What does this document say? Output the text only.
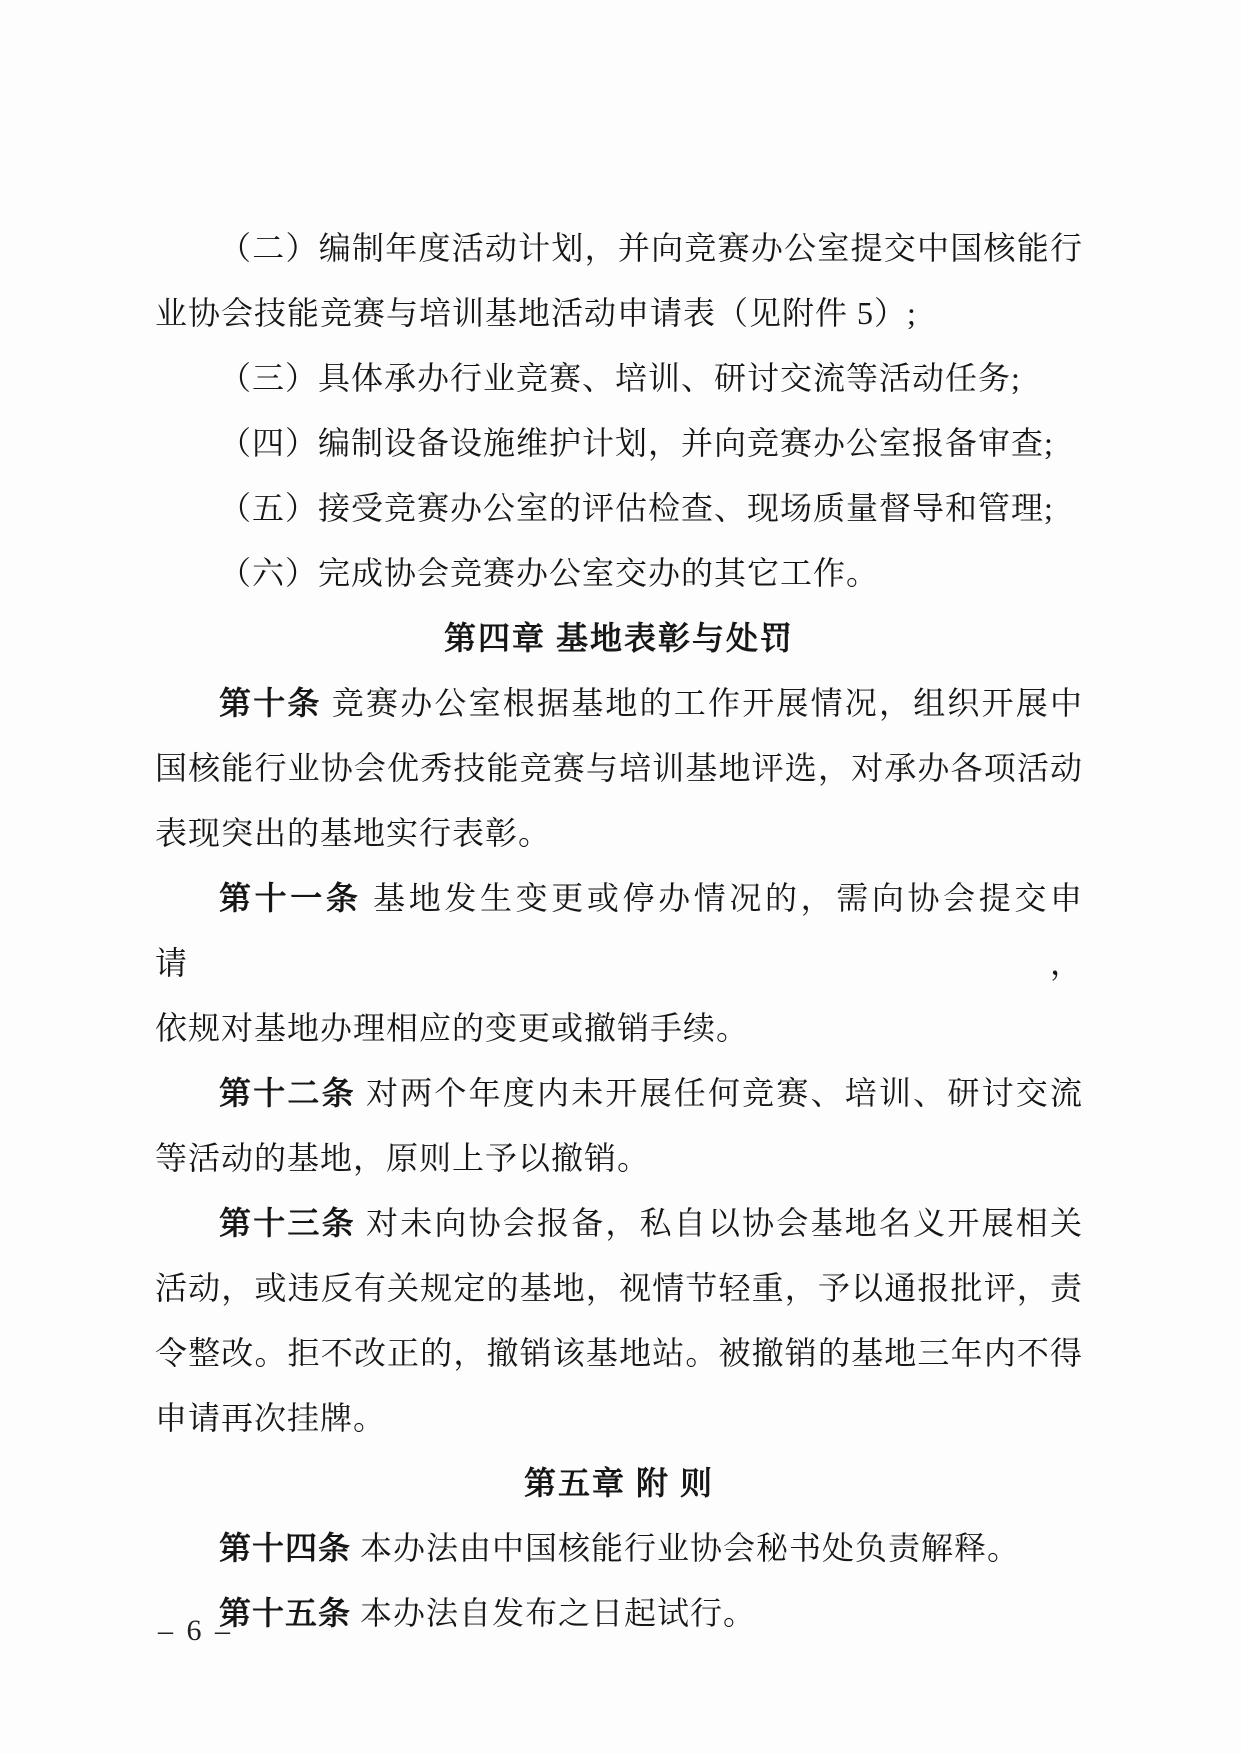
（二）编制年度活动计划，并向竞赛办公室提交中国核能行
业协会技能竞赛与培训基地活动申请表（见附件 5）;
（三）具体承办行业竞赛、培训、研讨交流等活动任务;
（四）编制设备设施维护计划，并向竞赛办公室报备审查;
（五）接受竞赛办公室的评估检查、现场质量督导和管理;
（六）完成协会竞赛办公室交办的其它工作。
第四章 基地表彰与处罚
第十条 竞赛办公室根据基地的工作开展情况，组织开展中
国核能行业协会优秀技能竞赛与培训基地评选，对承办各项活动
表现突出的基地实行表彰。
第十一条 基地发生变更或停办情况的，需向协会提交申请，
依规对基地办理相应的变更或撤销手续。
第十二条 对两个年度内未开展任何竞赛、培训、研讨交流
等活动的基地，原则上予以撤销。
第十三条 对未向协会报备，私自以协会基地名义开展相关
活动，或违反有关规定的基地，视情节轻重，予以通报批评，责
令整改。拒不改正的，撤销该基地站。被撤销的基地三年内不得
申请再次挂牌。
第五章 附 则
第十四条 本办法由中国核能行业协会秘书处负责解释。
第十五条 本办法自发布之日起试行。
– 6 –
